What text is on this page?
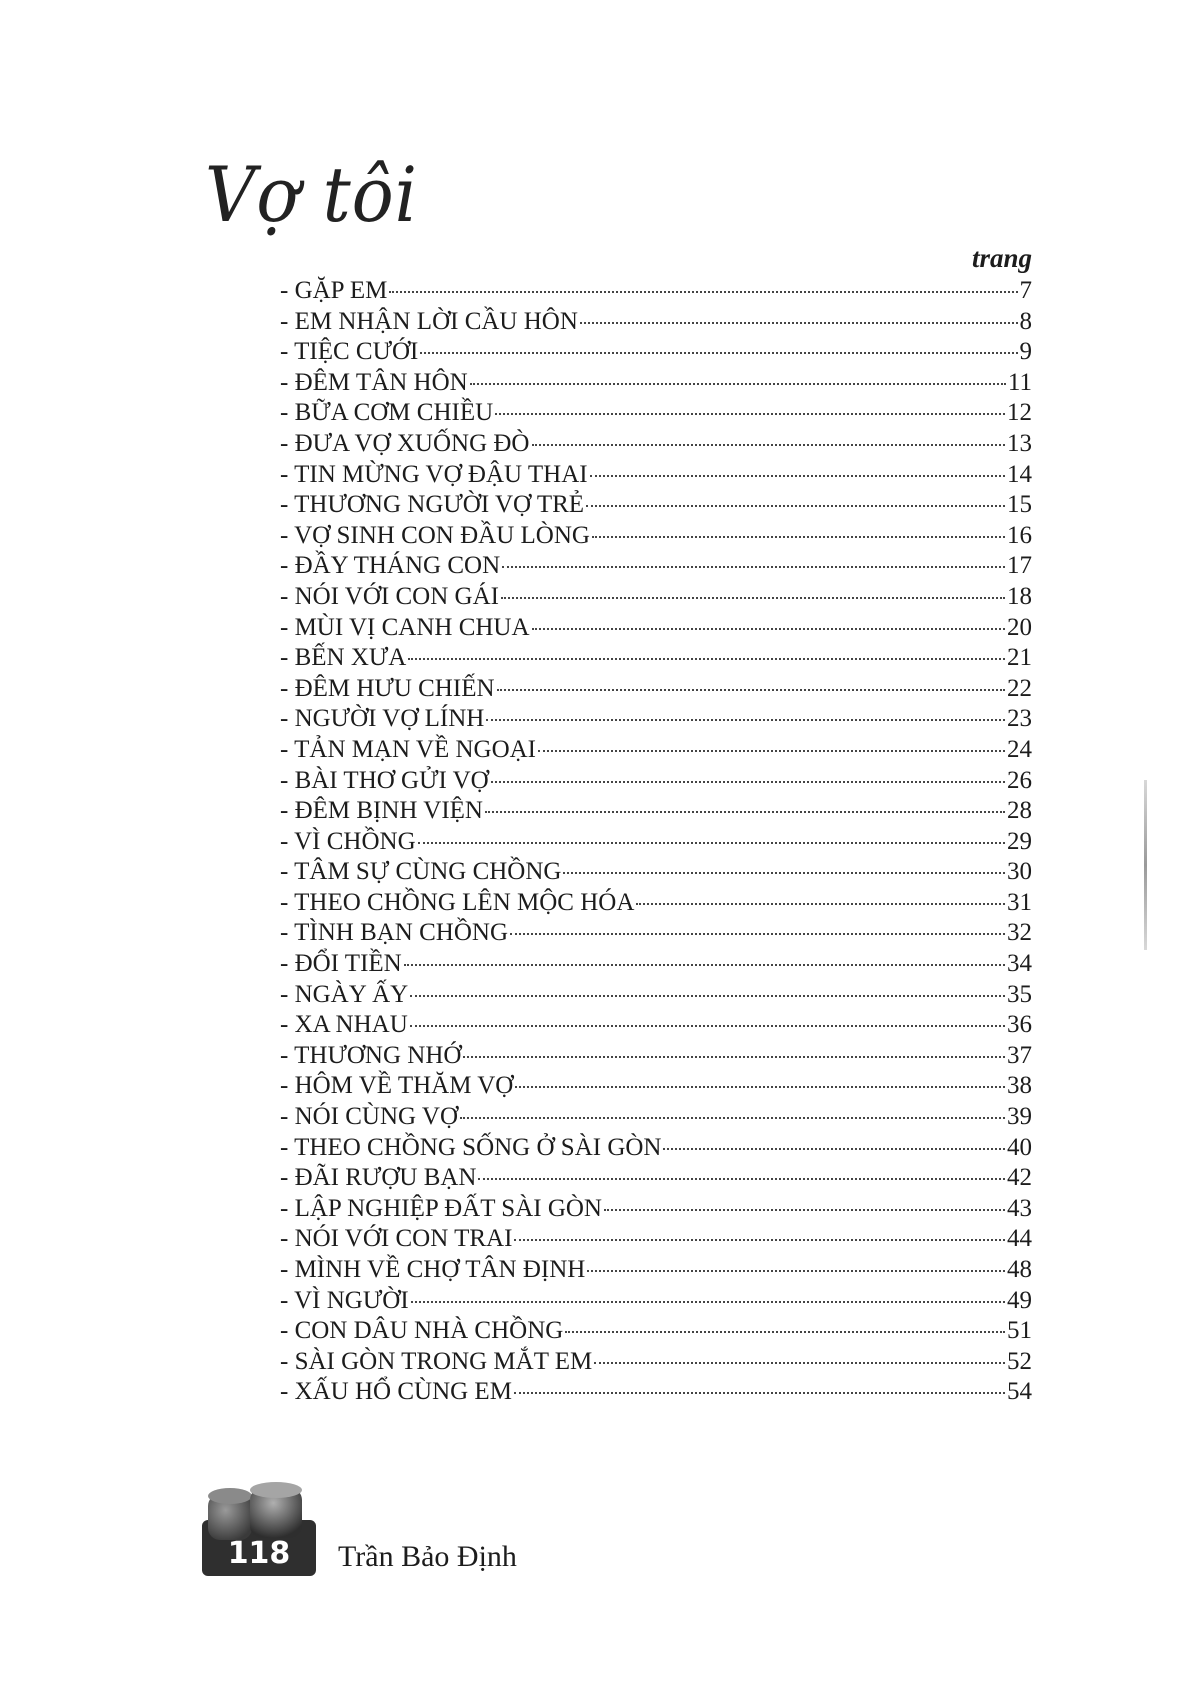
Vợ tôi
trang
- GẶP EM	7
- EM NHẬN LỜI CẦU HÔN	8
- TIỆC CƯỚI	9
- ĐÊM TÂN HÔN	11
- BỮA CƠM CHIỀU	12
- ĐƯA VỢ XUỐNG ĐÒ	13
- TIN MỪNG VỢ ĐẬU THAI	14
- THƯƠNG NGƯỜI VỢ TRẺ	15
- VỢ SINH CON ĐẦU LÒNG	16
- ĐẦY THÁNG CON	17
- NÓI VỚI CON GÁI	18
- MÙI VỊ CANH CHUA	20
- BẾN XƯA	21
- ĐÊM HƯU CHIẾN	22
- NGƯỜI VỢ LÍNH	23
- TẢN MẠN VỀ NGOẠI	24
- BÀI THƠ GỬI VỢ	26
- ĐÊM BỊNH VIỆN	28
- VÌ CHỒNG	29
- TÂM SỰ CÙNG CHỒNG	30
- THEO CHỒNG LÊN MỘC HÓA	31
- TÌNH BẠN CHỒNG	32
- ĐỔI TIỀN	34
- NGÀY ẤY	35
- XA NHAU	36
- THƯƠNG NHỚ	37
- HÔM VỀ THĂM VỢ	38
- NÓI CÙNG VỢ	39
- THEO CHỒNG SỐNG Ở SÀI GÒN	40
- ĐÃI RƯỢU BẠN	42
- LẬP NGHIỆP ĐẤT SÀI GÒN	43
- NÓI VỚI CON TRAI	44
- MÌNH VỀ CHỢ TÂN ĐỊNH	48
- VÌ NGƯỜI	49
- CON DÂU NHÀ CHỒNG	51
- SÀI GÒN TRONG MẮT EM	52
- XẤU HỔ CÙNG EM	54
118	Trần Bảo Định
